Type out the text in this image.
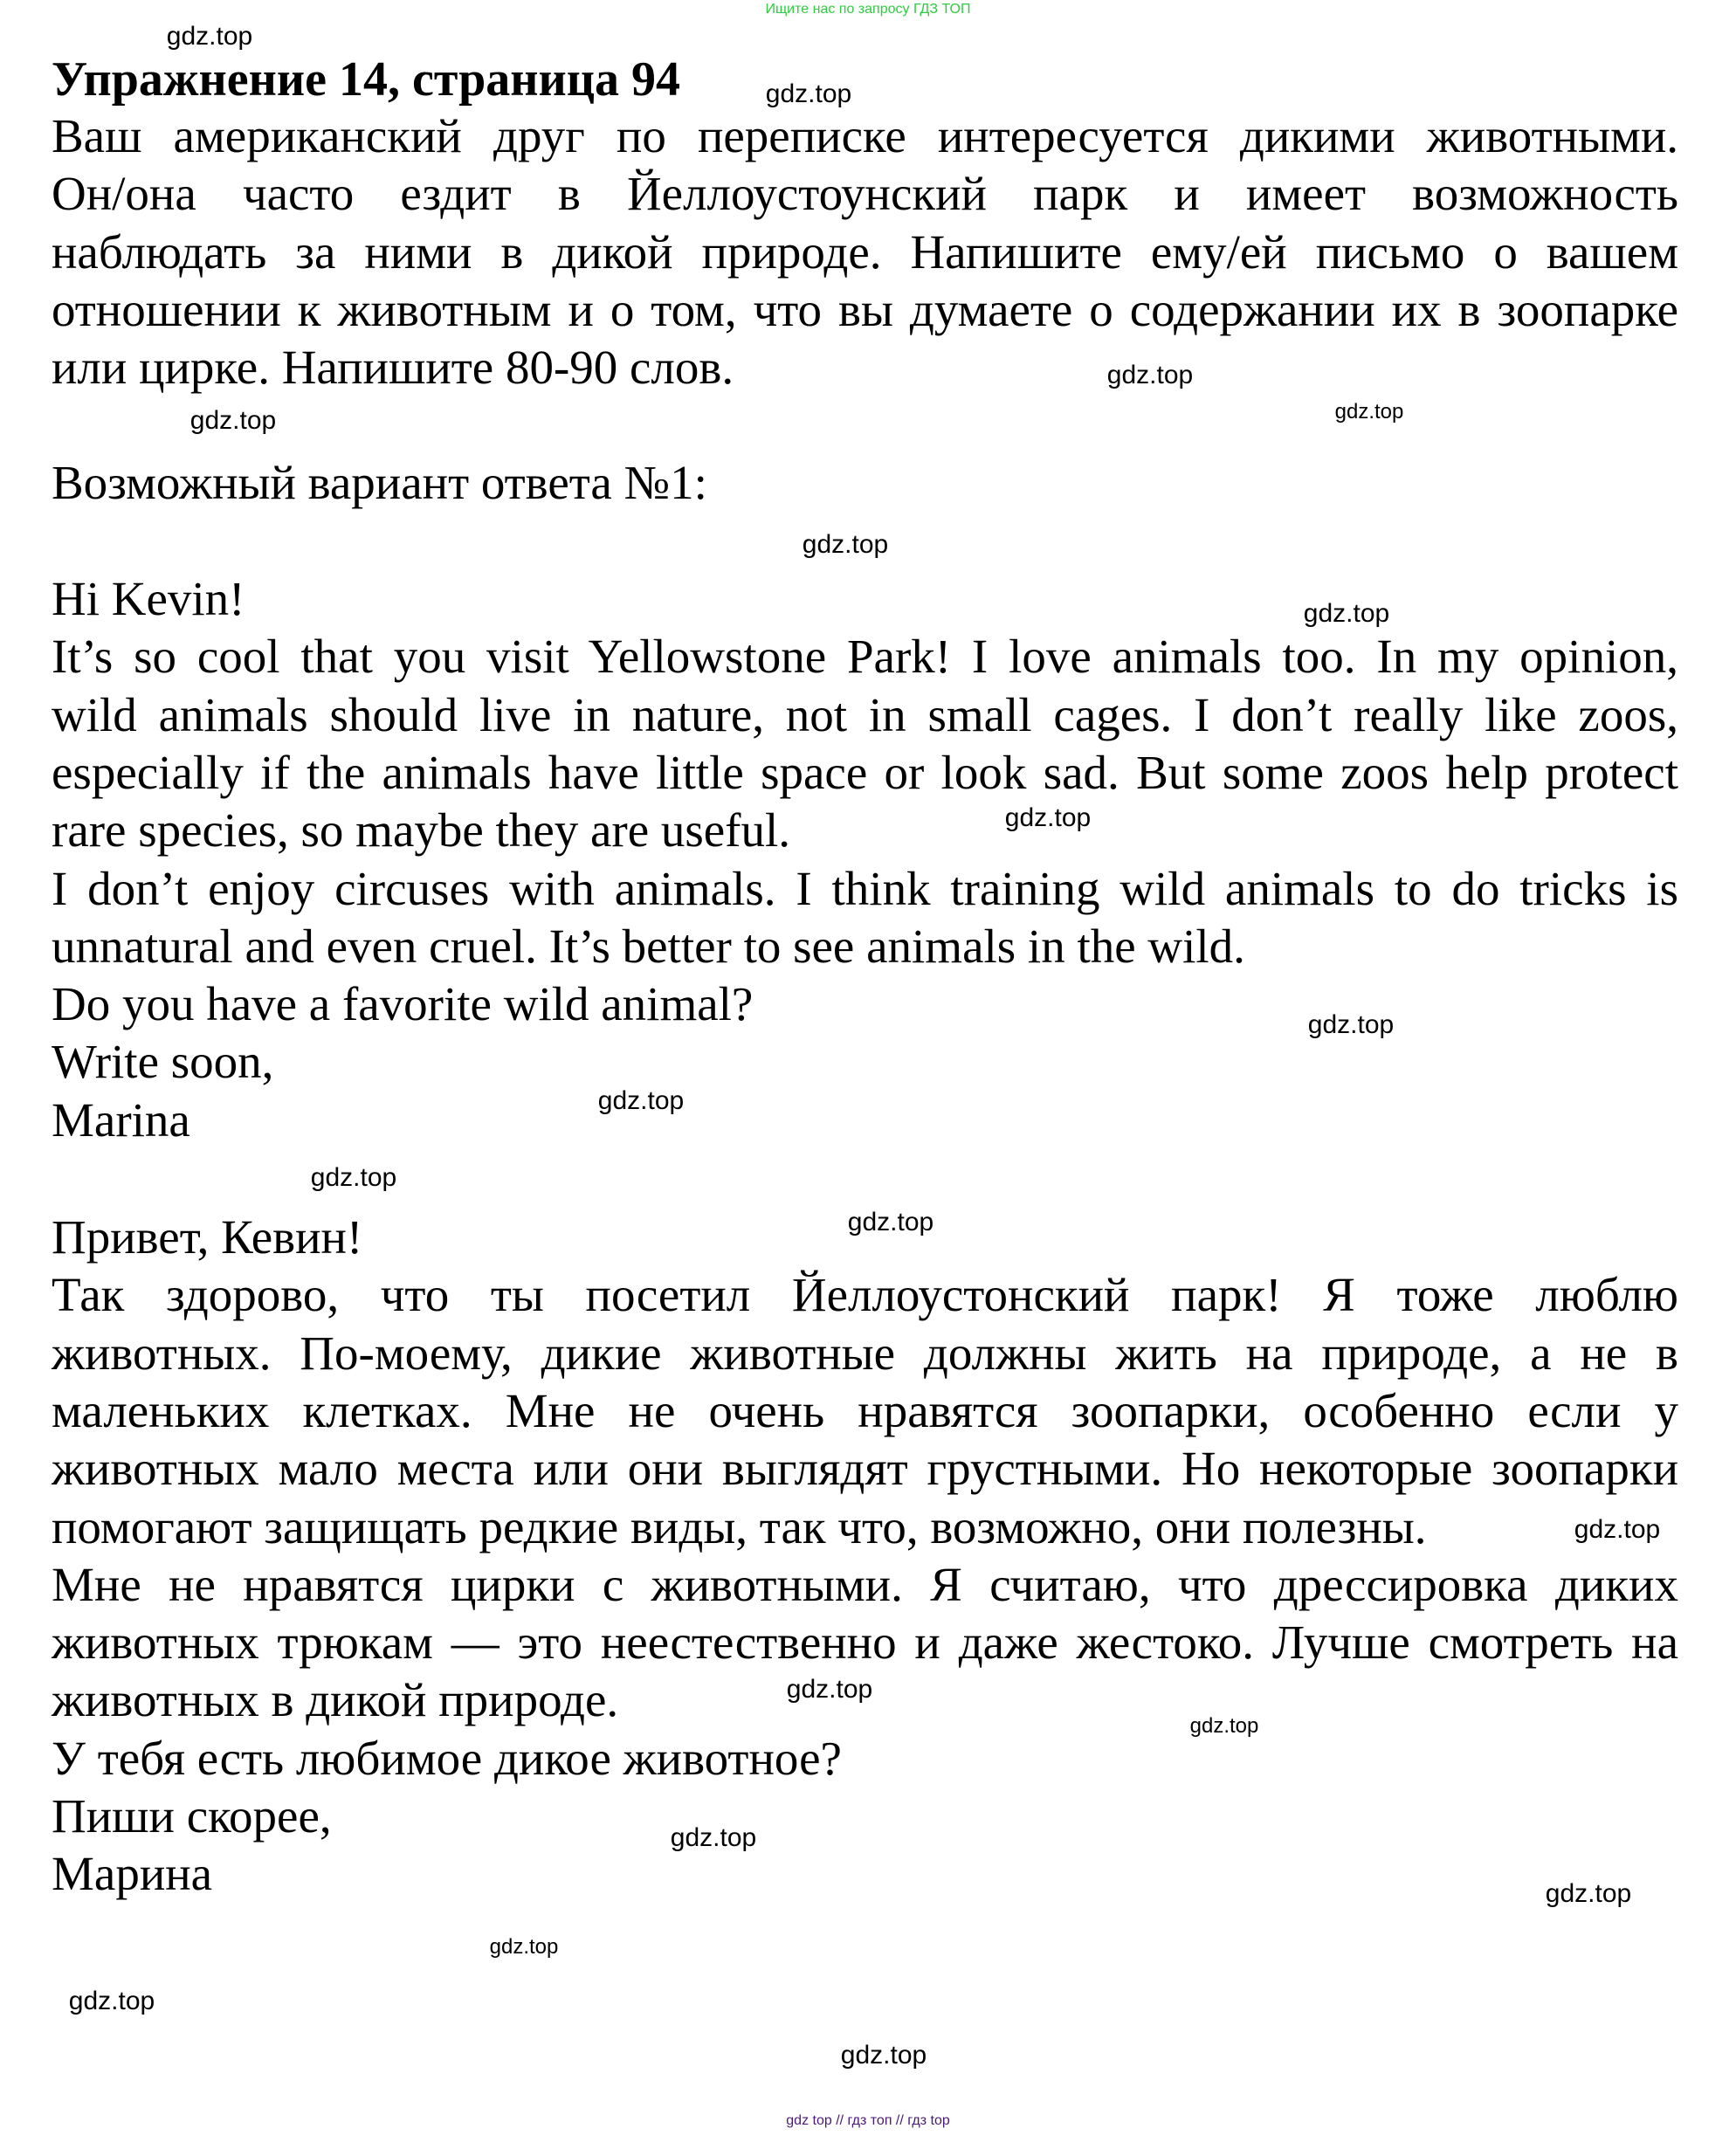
Ищите нас по запросу ГДЗ ТОП
Упражнение 14, страница 94
Ваш американский друг по переписке интересуется дикими животными.
Он/она часто ездит в Йеллоустоунский парк и имеет возможность
наблюдать за ними в дикой природе. Напишите ему/ей письмо о вашем
отношении к животным и о том, что вы думаете о содержании их в зоопарке
или цирке. Напишите 80-90 слов.
Возможный вариант ответа №1:
Hi Kevin!
It’s so cool that you visit Yellowstone Park! I love animals too. In my opinion,
wild animals should live in nature, not in small cages. I don’t really like zoos,
especially if the animals have little space or look sad. But some zoos help protect
rare species, so maybe they are useful.
I don’t enjoy circuses with animals. I think training wild animals to do tricks is
unnatural and even cruel. It’s better to see animals in the wild.
Do you have a favorite wild animal?
Write soon,
Marina
Привет, Кевин!
Так здорово, что ты посетил Йеллоустонский парк! Я тоже люблю
животных. По-моему, дикие животные должны жить на природе, а не в
маленьких клетках. Мне не очень нравятся зоопарки, особенно если у
животных мало места или они выглядят грустными. Но некоторые зоопарки
помогают защищать редкие виды, так что, возможно, они полезны.
Мне не нравятся цирки с животными. Я считаю, что дрессировка диких
животных трюкам — это неестественно и даже жестоко. Лучше смотреть на
животных в дикой природе.
У тебя есть любимое дикое животное?
Пиши скорее,
Марина
gdz.top
gdz.top
gdz.top
gdz.top
gdz.top
gdz.top
gdz.top
gdz.top
gdz.top
gdz.top
gdz.top
gdz.top
gdz.top
gdz.top
gdz.top
gdz.top
gdz.top
gdz.top
gdz.top
gdz.top
gdz top // гдз топ // гдз top
